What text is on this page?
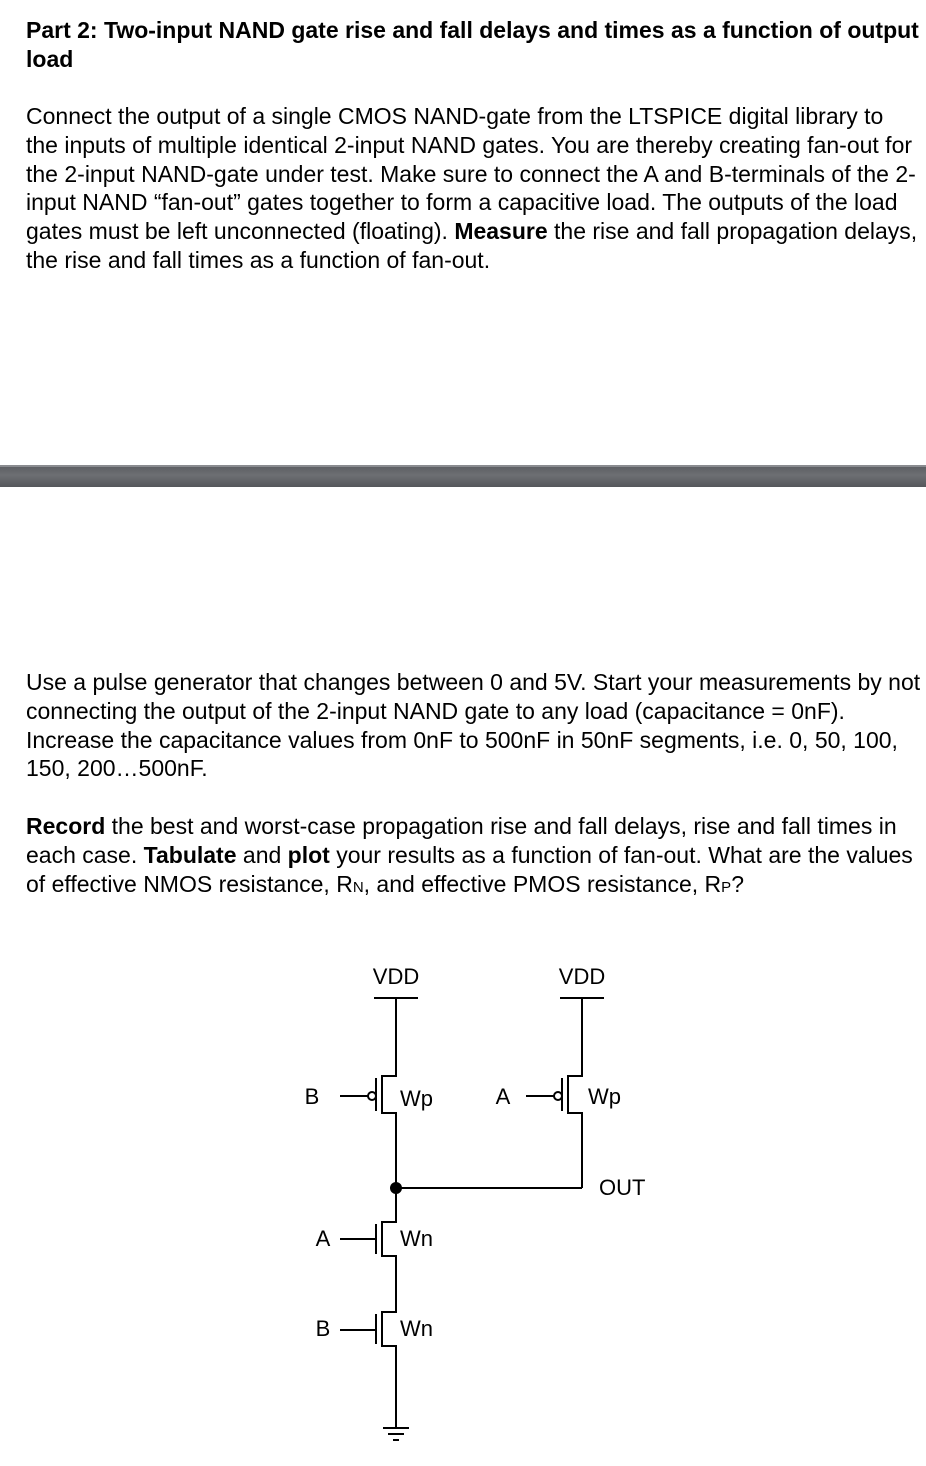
Part 2: Two-input NAND gate rise and fall delays and times as a function of output load

Connect the output of a single CMOS NAND-gate from the LTSPICE digital library to the inputs of multiple identical 2-input NAND gates. You are thereby creating fan-out for the 2-input NAND-gate under test. Make sure to connect the A and B-terminals of the 2-input NAND “fan-out” gates together to form a capacitive load. The outputs of the load gates must be left unconnected (floating). Measure the rise and fall propagation delays, the rise and fall times as a function of fan-out.

Use a pulse generator that changes between 0 and 5V. Start your measurements by not connecting the output of the 2-input NAND gate to any load (capacitance = 0nF). Increase the capacitance values from 0nF to 500nF in 50nF segments, i.e. 0, 50, 100, 150, 200…500nF.

Record the best and worst-case propagation rise and fall delays, rise and fall times in each case. Tabulate and plot your results as a function of fan-out. What are the values of effective NMOS resistance, RN, and effective PMOS resistance, RP?

VDD	VDD
B	Wp	A	Wp
OUT
A	Wn
B	Wn
